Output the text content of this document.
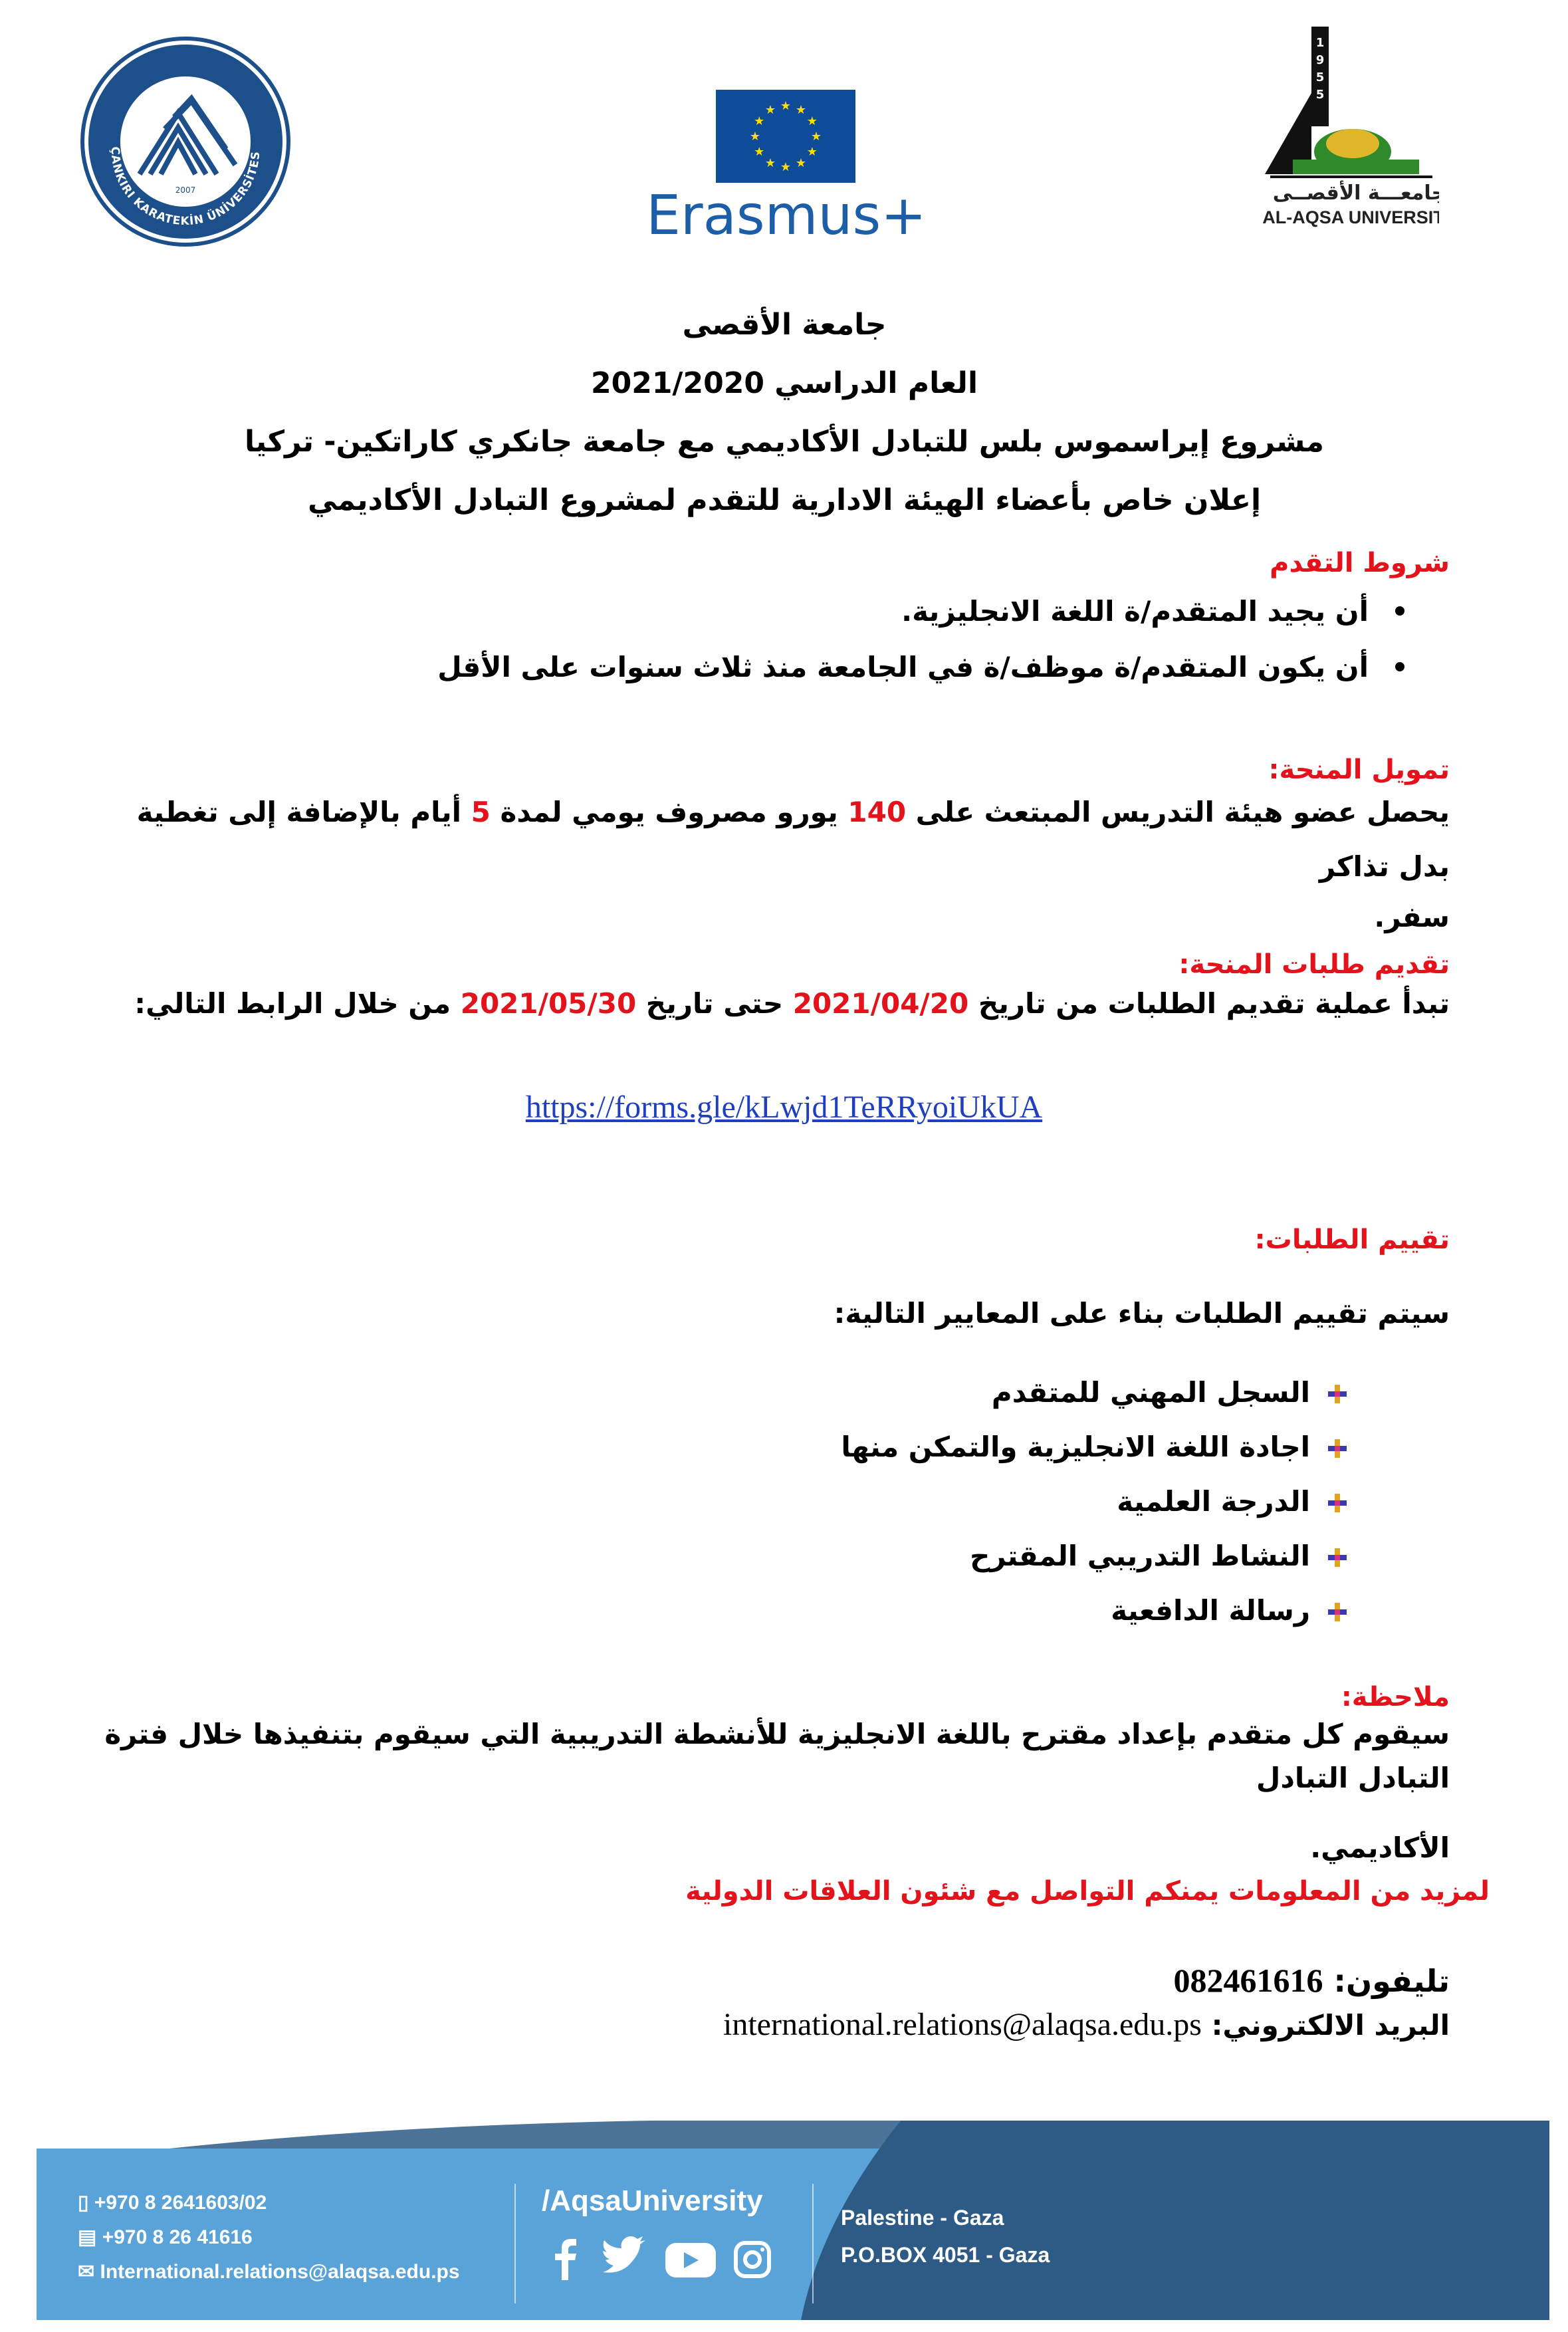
2007
ÇANKIRI KARATEKİN ÜNİVERSİTES
★
★
★
★
★
★
★
★
★ ★ ★
★
Erasmus+
1
9
5
5
جامعـــة الأقصــى
AL-AQSA UNIVERSITY
جامعة الأقصى
العام الدراسي 2021/2020
مشروع إيراسموس بلس للتبادل الأكاديمي مع جامعة جانكري كاراتكين- تركيا
إعلان خاص بأعضاء الهيئة الادارية للتقدم لمشروع التبادل الأكاديمي
شروط التقدم
أن يجيد المتقدم/ة اللغة الانجليزية.
أن يكون المتقدم/ة موظف/ة في الجامعة منذ ثلاث سنوات على الأقل
تمويل المنحة:
يحصل عضو هيئة التدريس المبتعث على 140 يورو مصروف يومي لمدة 5 أيام بالإضافة إلى تغطية بدل تذاكر
سفر.
تقديم طلبات المنحة:
تبدأ عملية تقديم الطلبات من تاريخ 2021/04/20 حتى تاريخ 2021/05/30 من خلال الرابط التالي:
https://forms.gle/kLwjd1TeRRyoiUkUA
تقييم الطلبات:
سيتم تقييم الطلبات بناء على المعايير التالية:
السجل المهني للمتقدم
اجادة اللغة الانجليزية والتمكن منها
الدرجة العلمية
النشاط التدريبي المقترح
رسالة الدافعية
ملاحظة:
سيقوم كل متقدم بإعداد مقترح باللغة الانجليزية للأنشطة التدريبية التي سيقوم بتنفيذها خلال فترة التبادل التبادل
الأكاديمي.
لمزيد من المعلومات يمنكم التواصل مع شئون العلاقات الدولية
تليفون: 082461616
البريد الالكتروني: international.relations@alaqsa.edu.ps
▯ +970 8 2641603/02
▤ +970 8 26 41616
✉ International.relations@alaqsa.edu.ps
/AqsaUniversity
Palestine - Gaza
P.O.BOX 4051 - Gaza
